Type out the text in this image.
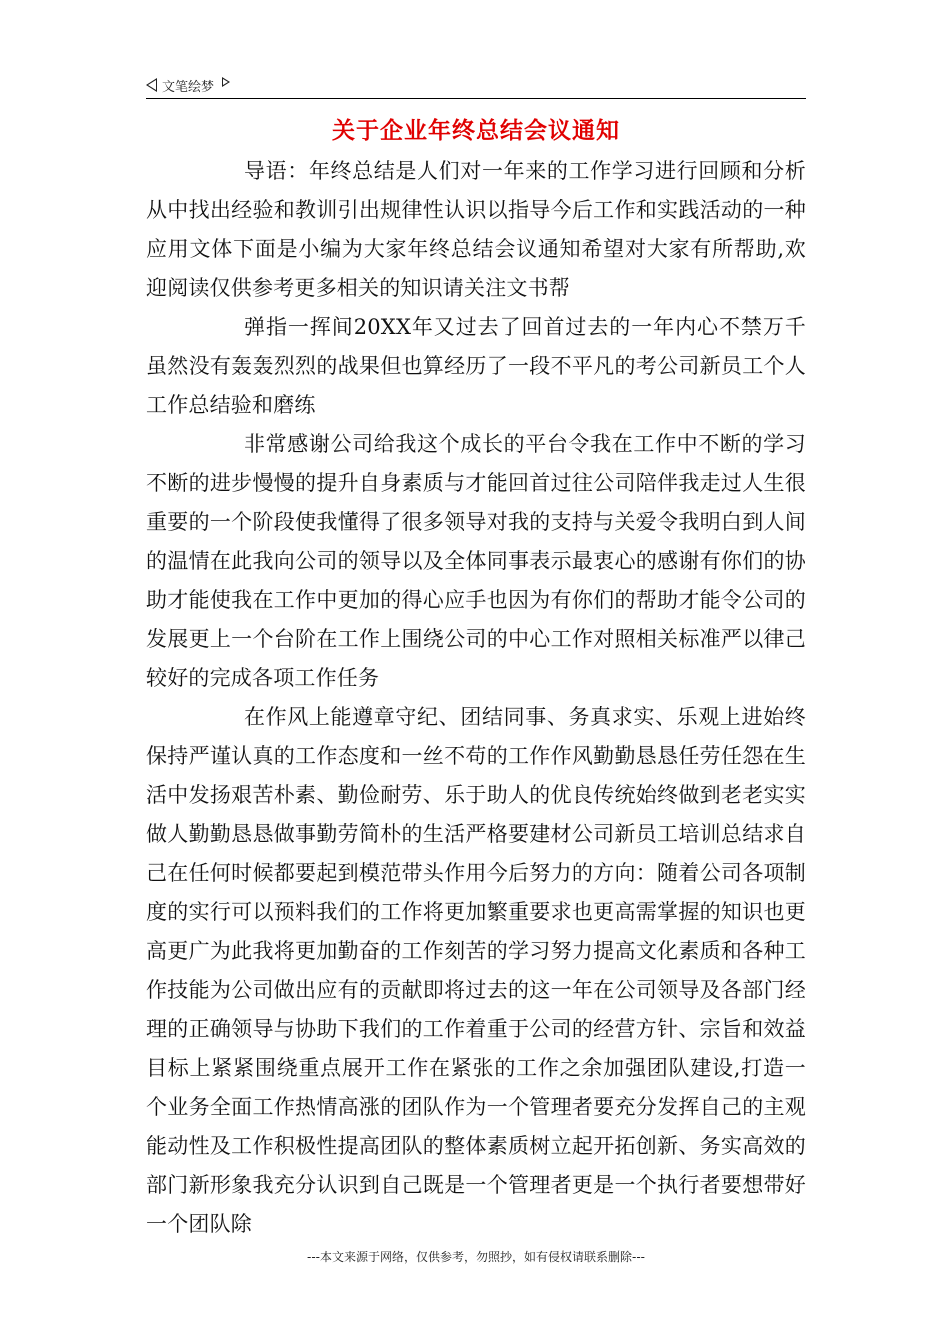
文笔绘梦
关于企业年终总结会议通知

导语：年终总结是人们对一年来的工作学习进行回顾和分析从中找出经验和教训引出规律性认识以指导今后工作和实践活动的一种应用文体下面是小编为大家年终总结会议通知希望对大家有所帮助,欢迎阅读仅供参考更多相关的知识请关注文书帮

弹指一挥间20XX年又过去了回首过去的一年内心不禁万千虽然没有轰轰烈烈的战果但也算经历了一段不平凡的考公司新员工个人工作总结验和磨练

非常感谢公司给我这个成长的平台令我在工作中不断的学习不断的进步慢慢的提升自身素质与才能回首过往公司陪伴我走过人生很重要的一个阶段使我懂得了很多领导对我的支持与关爱令我明白到人间的温情在此我向公司的领导以及全体同事表示最衷心的感谢有你们的协助才能使我在工作中更加的得心应手也因为有你们的帮助才能令公司的发展更上一个台阶在工作上围绕公司的中心工作对照相关标准严以律己较好的完成各项工作任务

在作风上能遵章守纪、团结同事、务真求实、乐观上进始终保持严谨认真的工作态度和一丝不苟的工作作风勤勤恳恳任劳任怨在生活中发扬艰苦朴素、勤俭耐劳、乐于助人的优良传统始终做到老老实实做人勤勤恳恳做事勤劳简朴的生活严格要建材公司新员工培训总结求自己在任何时候都要起到模范带头作用今后努力的方向：随着公司各项制度的实行可以预料我们的工作将更加繁重要求也更高需掌握的知识也更高更广为此我将更加勤奋的工作刻苦的学习努力提高文化素质和各种工作技能为公司做出应有的贡献即将过去的这一年在公司领导及各部门经理的正确领导与协助下我们的工作着重于公司的经营方针、宗旨和效益目标上紧紧围绕重点展开工作在紧张的工作之余加强团队建设,打造一个业务全面工作热情高涨的团队作为一个管理者要充分发挥自己的主观能动性及工作积极性提高团队的整体素质树立起开拓创新、务实高效的部门新形象我充分认识到自己既是一个管理者更是一个执行者要想带好一个团队除

---本文来源于网络，仅供参考，勿照抄，如有侵权请联系删除---
